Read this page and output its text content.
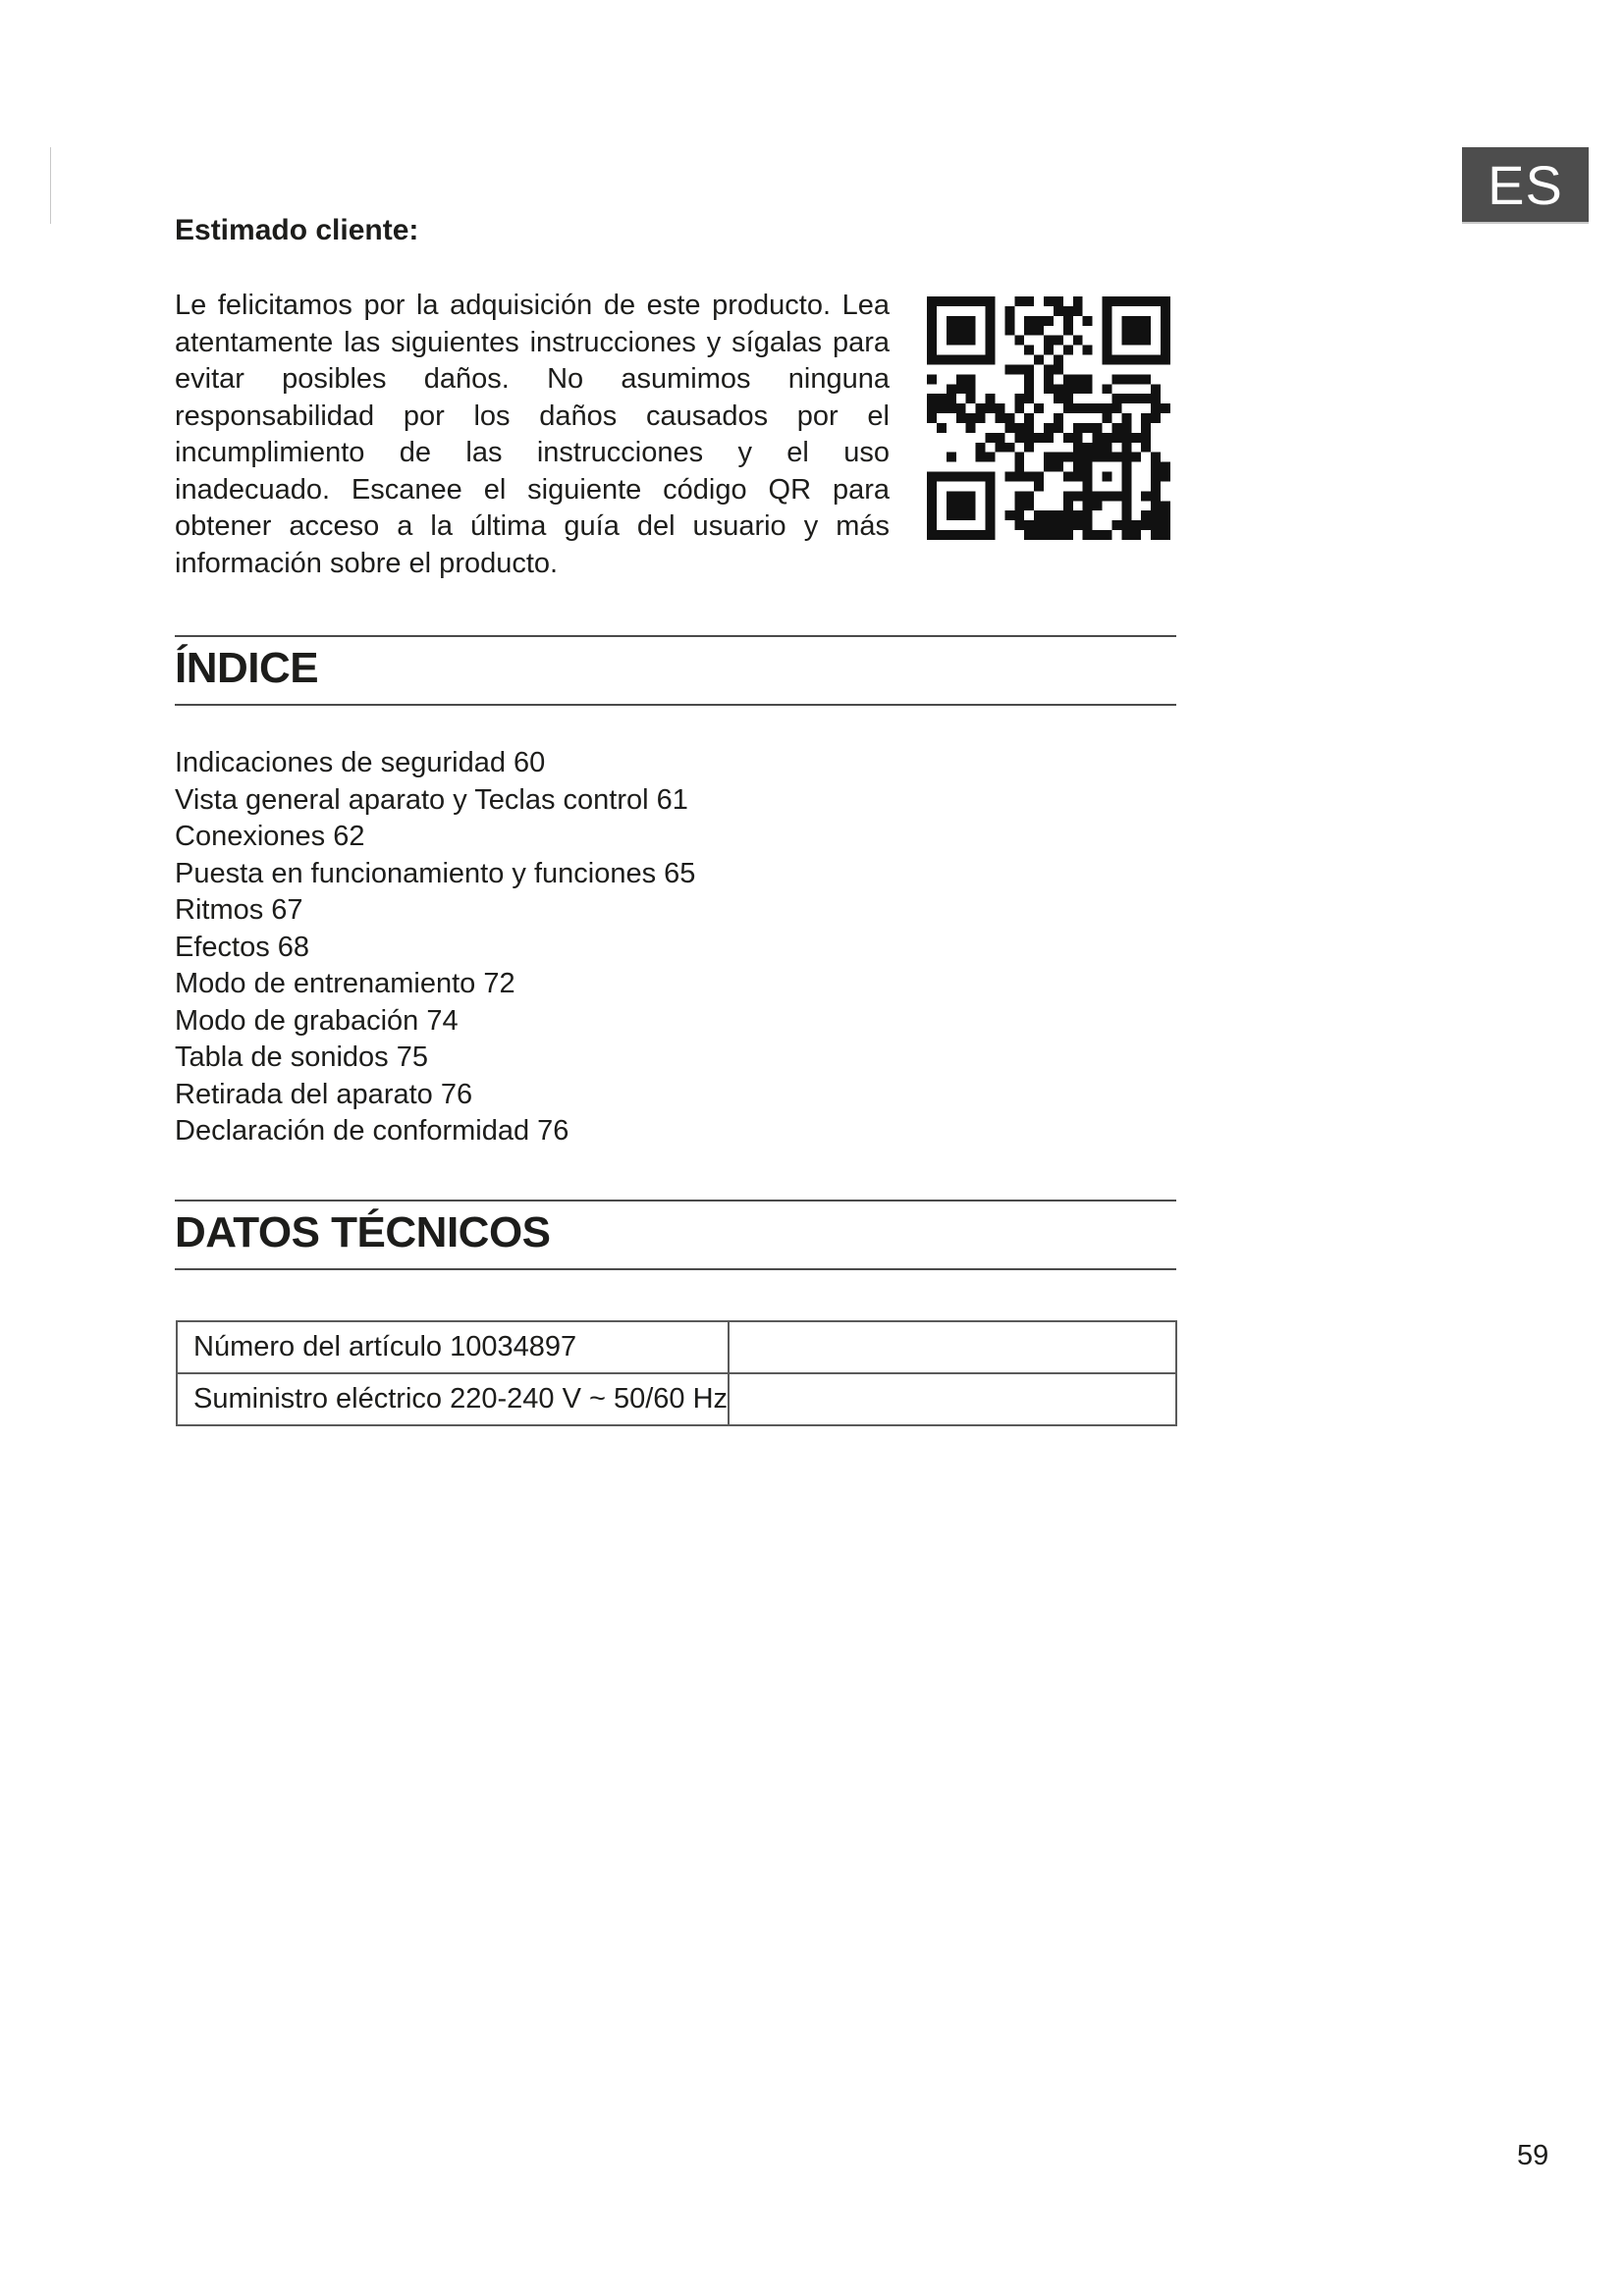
ES

Estimado cliente:

Le felicitamos por la adquisición de este producto. Lea atentamente las siguientes instrucciones y sígalas para evitar posibles daños. No asumimos ninguna responsabilidad por los daños causados por el incumplimiento de las instrucciones y el uso inadecuado. Escanee el siguiente código QR para obtener acceso a la última guía del usuario y más información sobre el producto.

ÍNDICE
Indicaciones de seguridad 60
Vista general aparato y Teclas control 61
Conexiones 62
Puesta en funcionamiento y funciones 65
Ritmos 67
Efectos 68
Modo de entrenamiento 72
Modo de grabación 74
Tabla de sonidos 75
Retirada del aparato 76
Declaración de conformidad 76
DATOS TÉCNICOS
Número del artículo 10034897	
Suministro eléctrico 220-240 V ~ 50/60 Hz	

59
